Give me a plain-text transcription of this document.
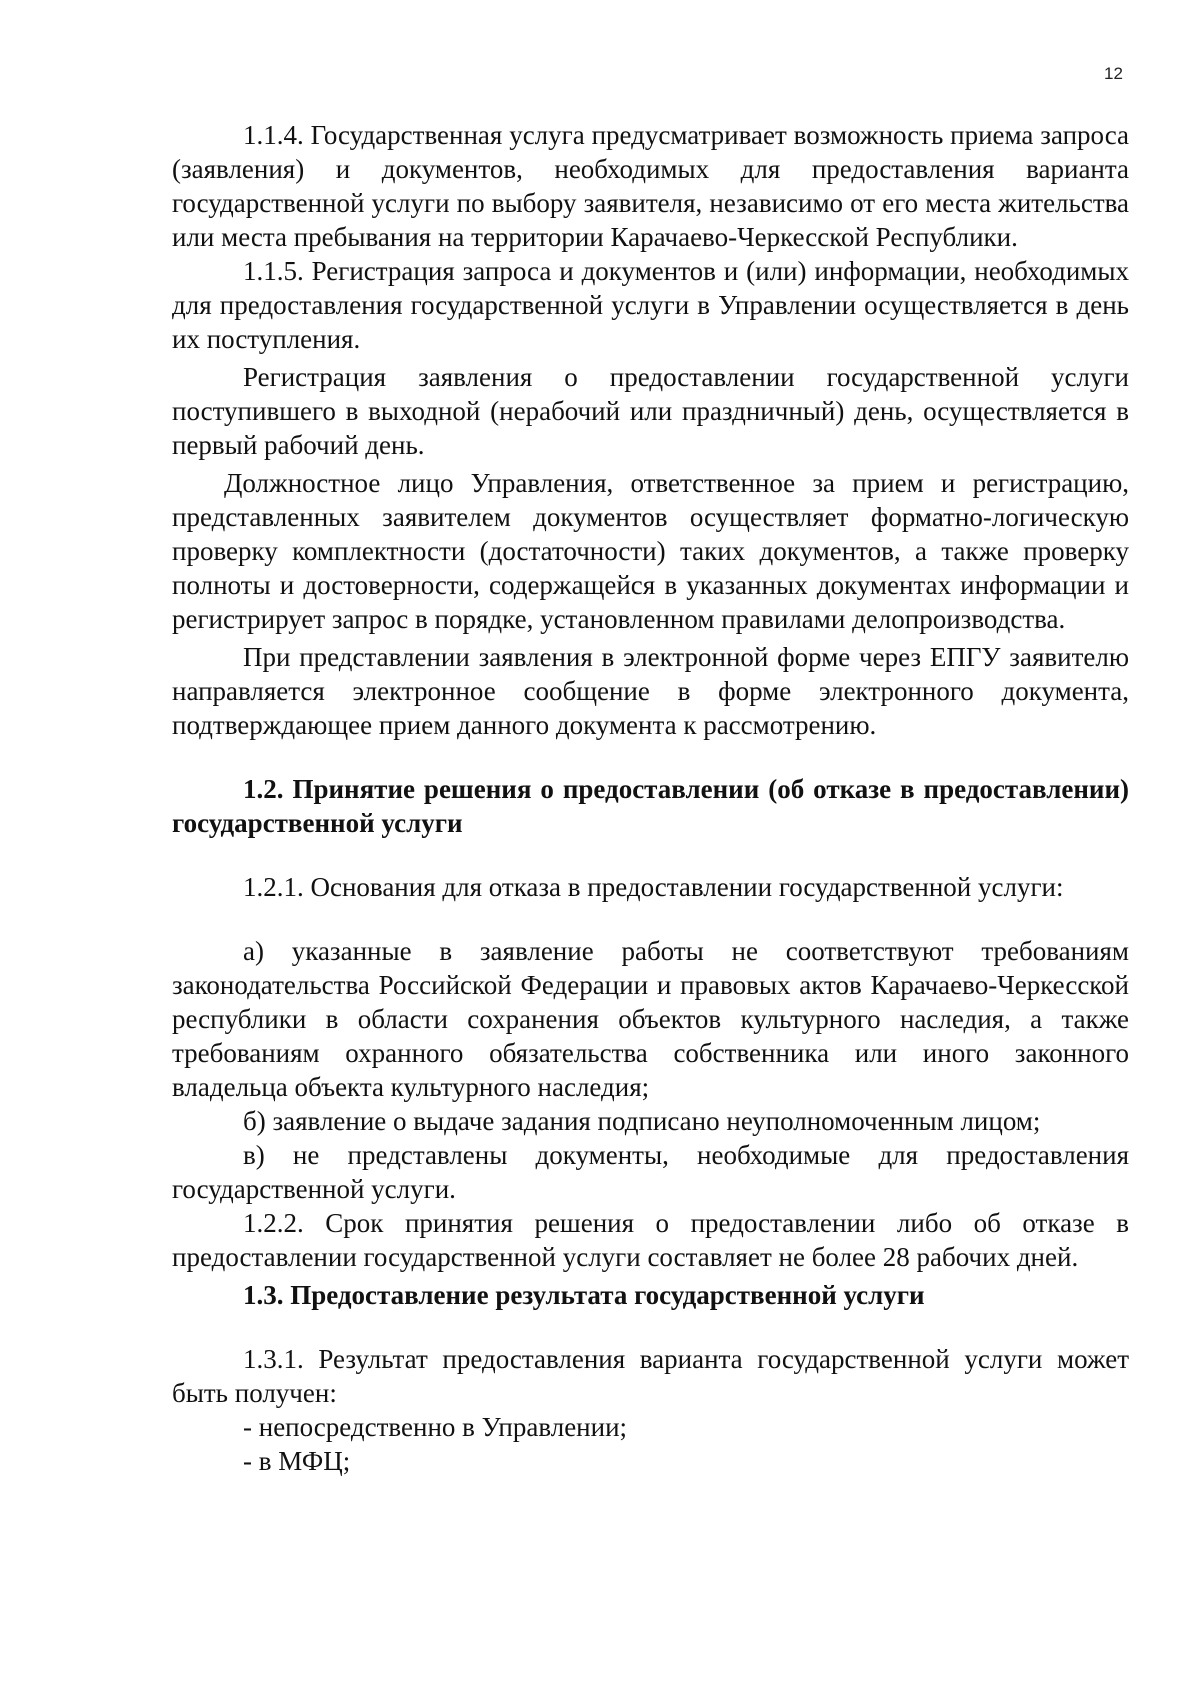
12

1.1.4. Государственная услуга предусматривает возможность приема запроса (заявления) и документов, необходимых для предоставления варианта государственной услуги по выбору заявителя, независимо от его места жительства или места пребывания на территории Карачаево-Черкесской Республики.

1.1.5. Регистрация запроса и документов и (или) информации, необходимых для предоставления государственной услуги в Управлении осуществляется в день их поступления.

Регистрация заявления о предоставлении государственной услуги поступившего в выходной (нерабочий или праздничный) день, осуществляется в первый рабочий день.

Должностное лицо Управления, ответственное за прием и регистрацию, представленных заявителем документов осуществляет форматно-логическую проверку комплектности (достаточности) таких документов, а также проверку полноты и достоверности, содержащейся в указанных документах информации и регистрирует запрос в порядке, установленном правилами делопроизводства.

При представлении заявления в электронной форме через ЕПГУ заявителю направляется электронное сообщение в форме электронного документа, подтверждающее прием данного документа к рассмотрению.

1.2. Принятие решения о предоставлении (об отказе в предоставлении) государственной услуги

1.2.1. Основания для отказа в предоставлении государственной услуги:

а) указанные в заявление работы не соответствуют требованиям законодательства Российской Федерации и правовых актов Карачаево-Черкесской республики в области сохранения объектов культурного наследия, а также требованиям охранного обязательства собственника или иного законного владельца объекта культурного наследия;

б) заявление о выдаче задания подписано неуполномоченным лицом;

в) не представлены документы, необходимые для предоставления государственной услуги.

1.2.2. Срок принятия решения о предоставлении либо об отказе в предоставлении государственной услуги составляет не более 28 рабочих дней.

1.3. Предоставление результата государственной услуги

1.3.1. Результат предоставления варианта государственной услуги может быть получен:

- непосредственно в Управлении;

- в МФЦ;
